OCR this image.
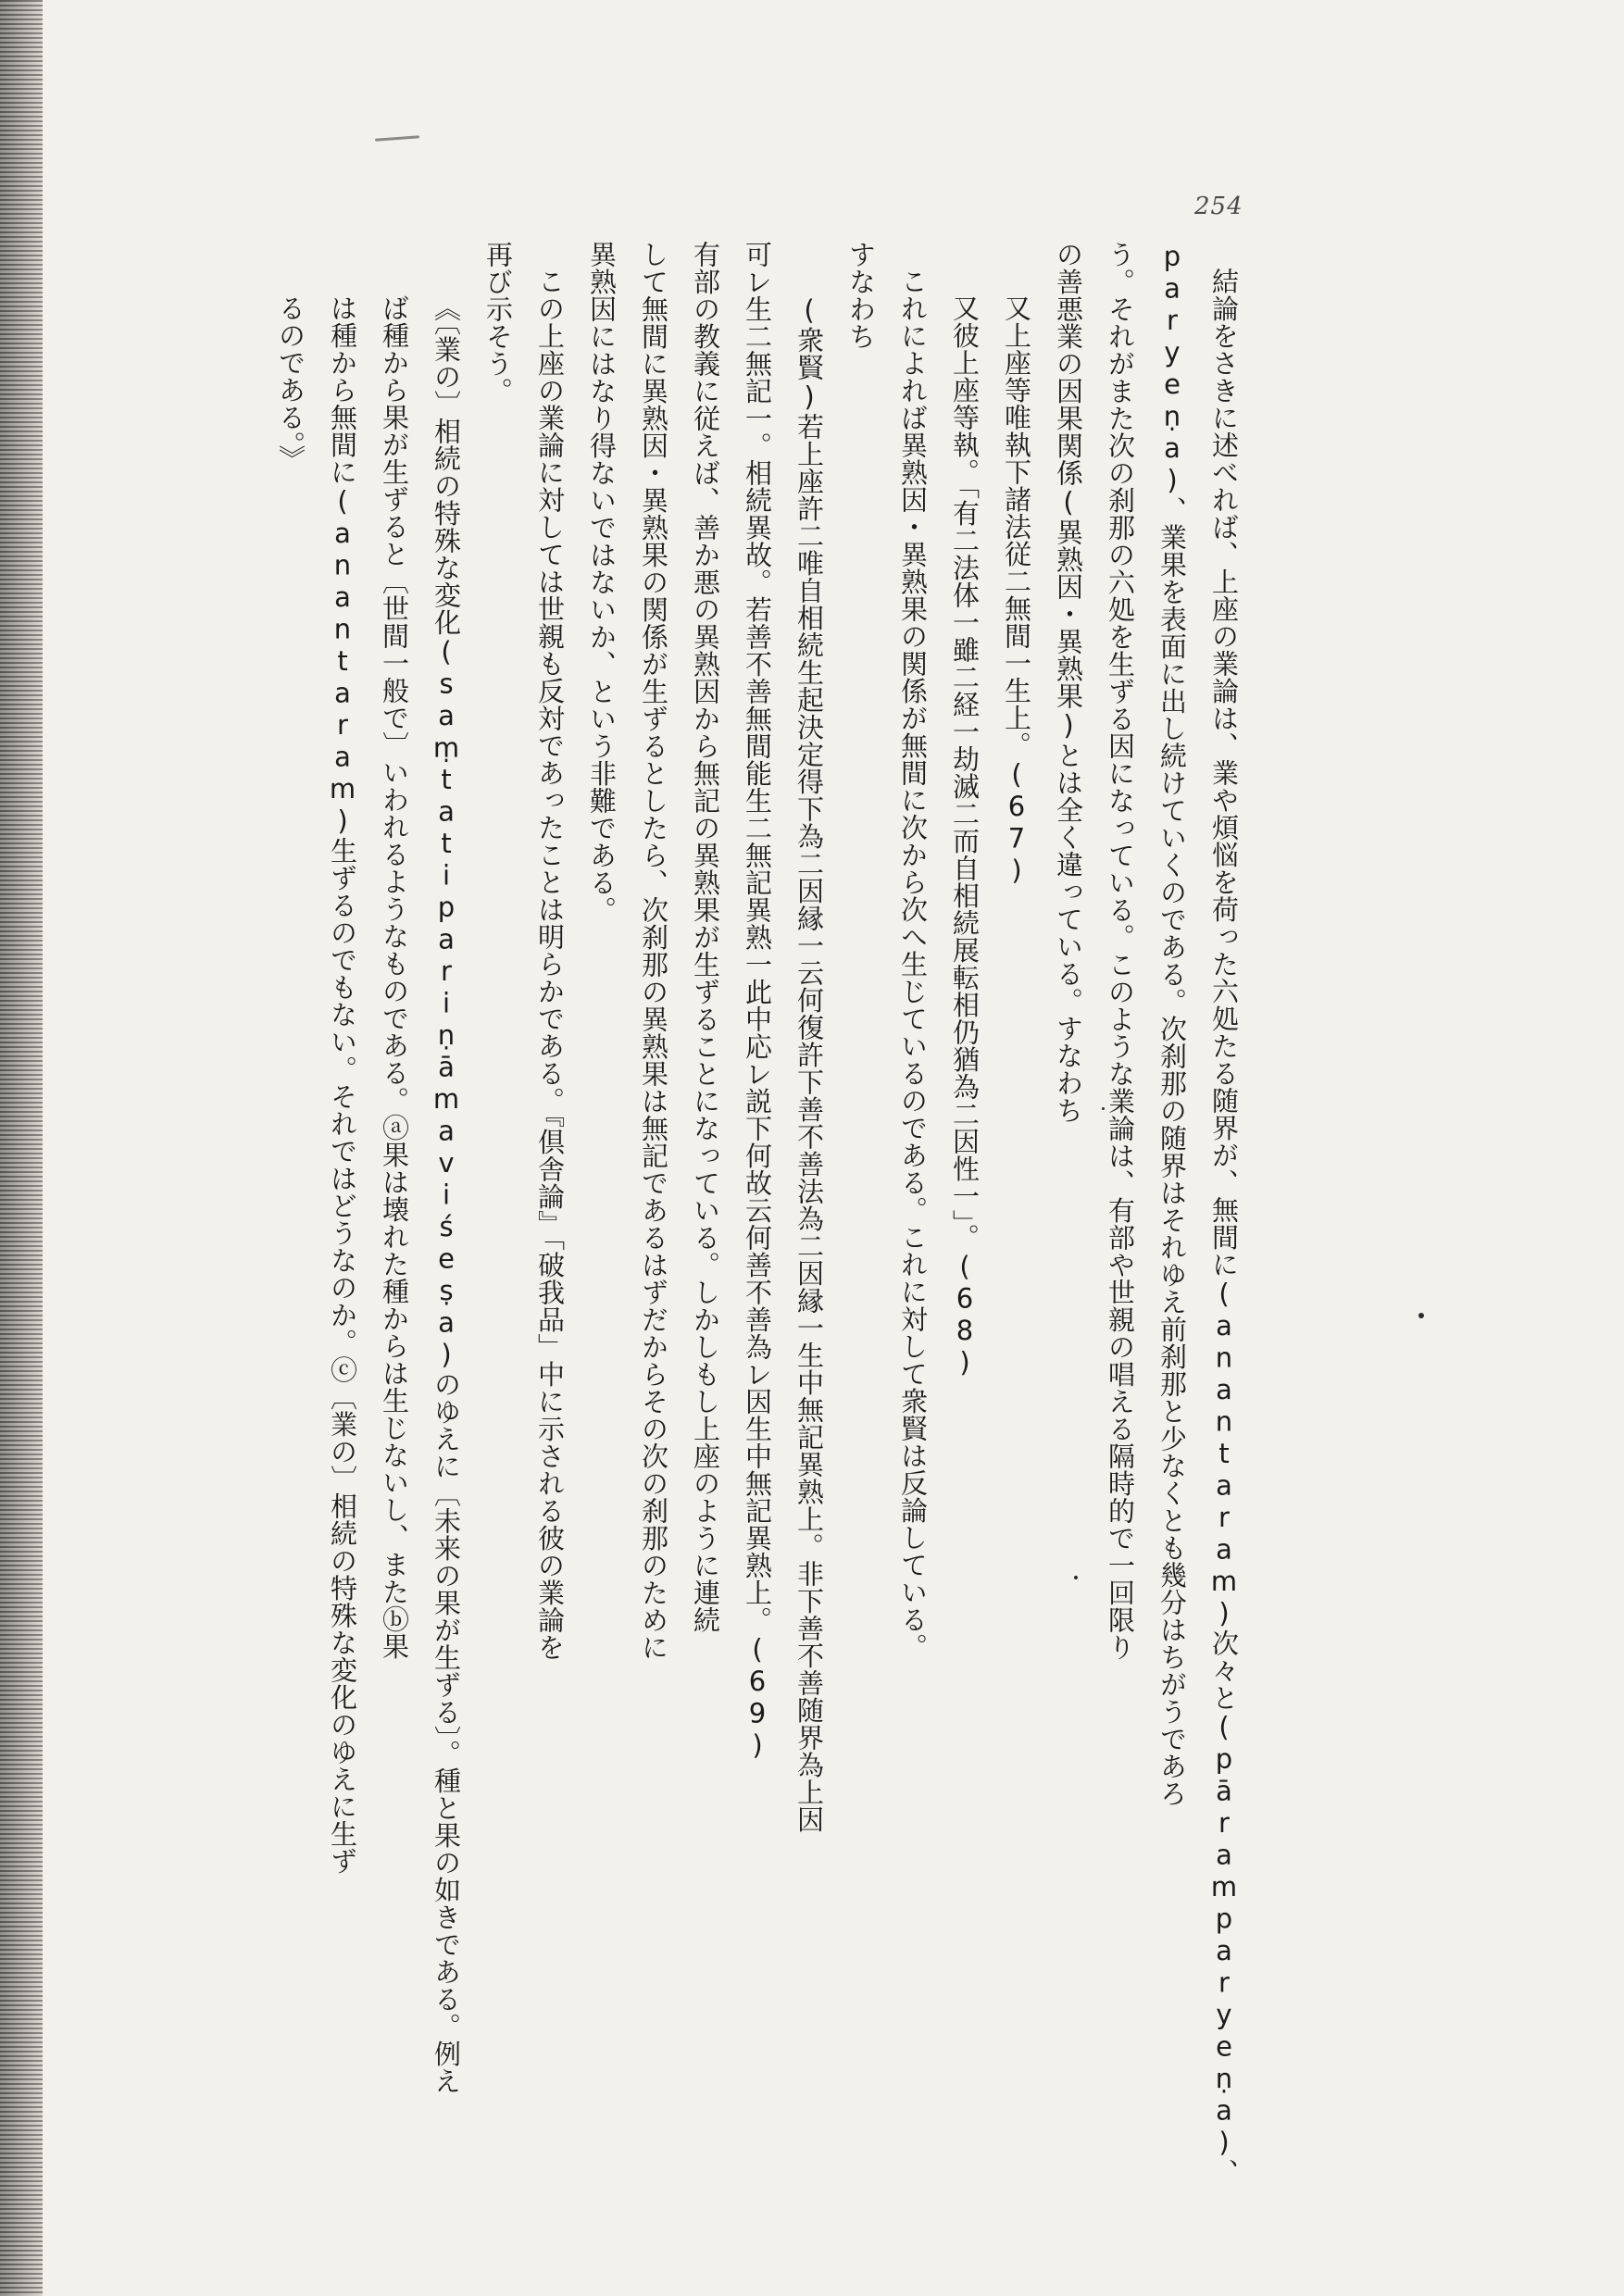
254
結論をさきに述べれば、上座の業論は、業や煩悩を荷った六処たる随界が、無間に(anantaram)次々と(pāramparyeṇa)、
paryeṇa)、業果を表面に出し続けていくのである。次刹那の随界はそれゆえ前刹那と少なくとも幾分はちがうであろ
う。それがまた次の刹那の六処を生ずる因になっている。このような業論は、有部や世親の唱える隔時的で一回限り
の善悪業の因果関係(異熟因・異熟果)とは全く違っている。すなわち
又上座等唯執下諸法従二無間一生上。(67)
又彼上座等執。「有二法体一雖二経一劫滅二而自相続展転相仍猶為二因性一」。(68)
これによれば異熟因・異熟果の関係が無間に次から次へ生じているのである。これに対して衆賢は反論している。
すなわち
(衆賢)若上座許二唯自相続生起決定得下為二因縁一云何復許下善不善法為二因縁一生中無記異熟上。非下善不善随界為上因
可レ生二無記一。相続異故。若善不善無間能生二無記異熟一此中応レ説下何故云何善不善為レ因生中無記異熟上。(69)
有部の教義に従えば、善か悪の異熟因から無記の異熟果が生ずることになっている。しかしもし上座のように連続
して無間に異熟因・異熟果の関係が生ずるとしたら、次刹那の異熟果は無記であるはずだからその次の刹那のために
異熟因にはなり得ないではないか、という非難である。
この上座の業論に対しては世親も反対であったことは明らかである。『倶舎論』「破我品」中に示される彼の業論を
再び示そう。
《〔業の〕相続の特殊な変化(saṃtatipariṇāmaviśeṣa)のゆえに〔未来の果が生ずる〕。種と果の如きである。例え
ば種から果が生ずると〔世間一般で〕いわれるようなものである。ⓐ果は壊れた種からは生じないし、またⓑ果
は種から無間に(anantaram)生ずるのでもない。それではどうなのか。ⓒ〔業の〕相続の特殊な変化のゆえに生ず
るのである。》
